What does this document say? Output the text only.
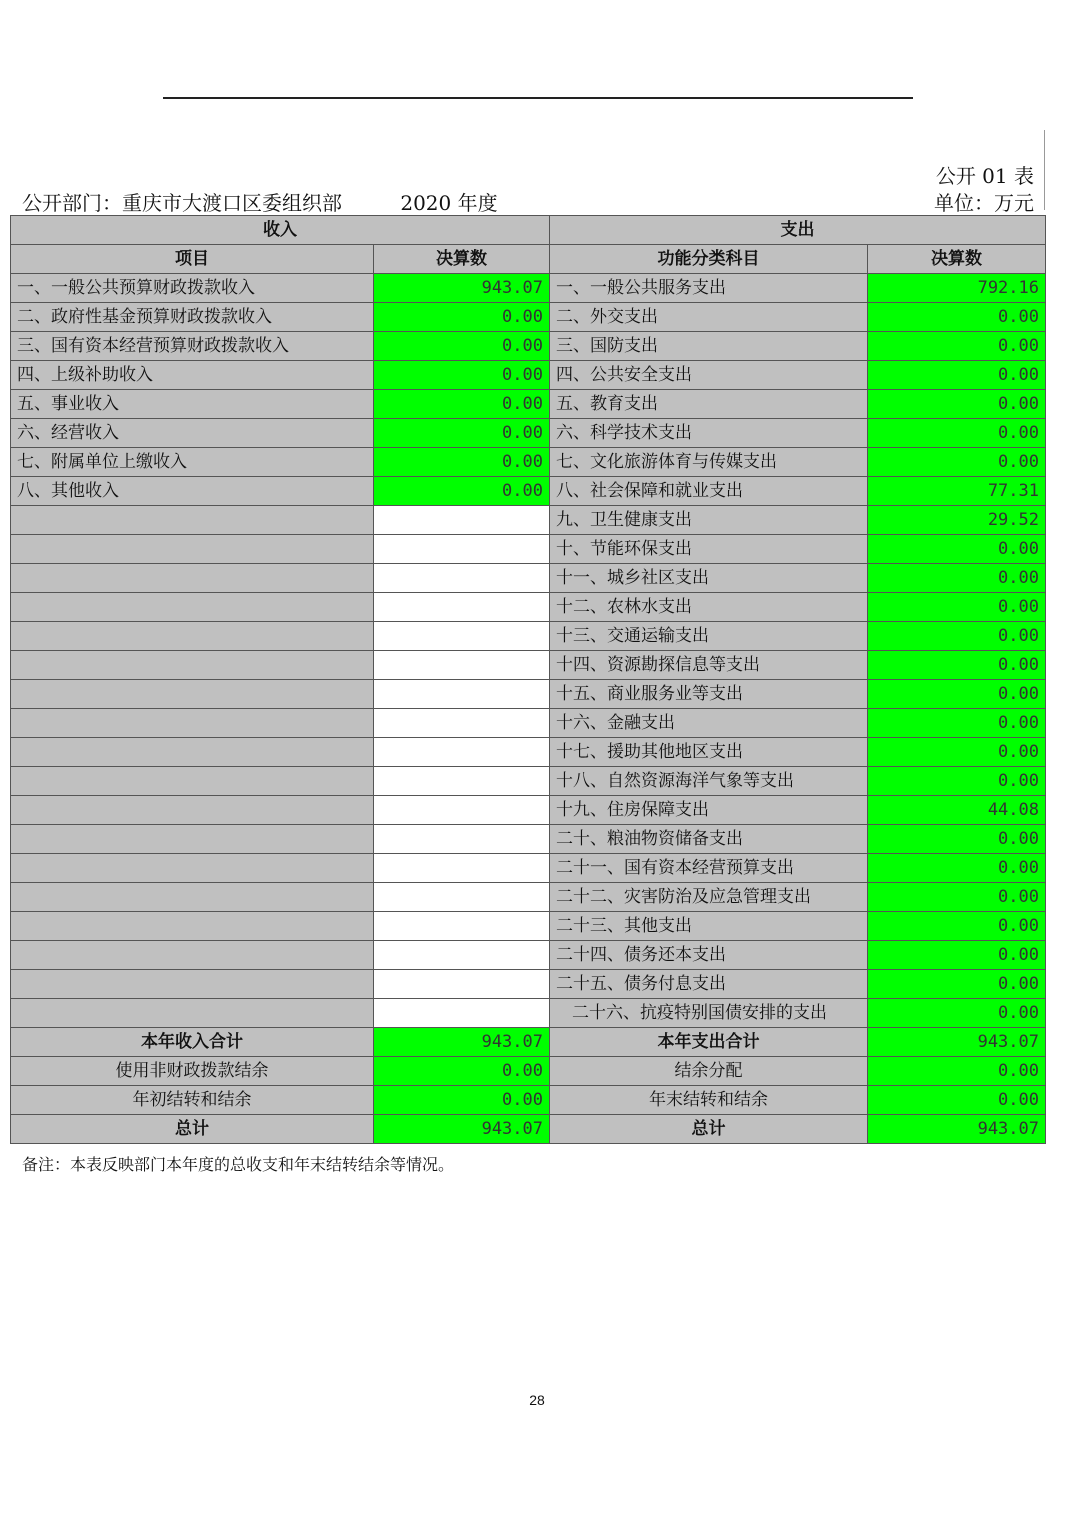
公开 01 表
公开部门：重庆市大渡口区委组织部	2020 年度	单位：万元
收入		支出	
项目	决算数	功能分类科目	决算数
一、一般公共预算财政拨款收入	943.07	一、一般公共服务支出	792.16
二、政府性基金预算财政拨款收入	0.00	二、外交支出	0.00
三、国有资本经营预算财政拨款收入	0.00	三、国防支出	0.00
四、上级补助收入	0.00	四、公共安全支出	0.00
五、事业收入	0.00	五、教育支出	0.00
六、经营收入	0.00	六、科学技术支出	0.00
七、附属单位上缴收入	0.00	七、文化旅游体育与传媒支出	0.00
八、其他收入	0.00	八、社会保障和就业支出	77.31
		九、卫生健康支出	29.52
		十、节能环保支出	0.00
		十一、城乡社区支出	0.00
		十二、农林水支出	0.00
		十三、交通运输支出	0.00
		十四、资源勘探信息等支出	0.00
		十五、商业服务业等支出	0.00
		十六、金融支出	0.00
		十七、援助其他地区支出	0.00
		十八、自然资源海洋气象等支出	0.00
		十九、住房保障支出	44.08
		二十、粮油物资储备支出	0.00
		二十一、国有资本经营预算支出	0.00
		二十二、灾害防治及应急管理支出	0.00
		二十三、其他支出	0.00
		二十四、债务还本支出	0.00
		二十五、债务付息支出	0.00
		二十六、抗疫特别国债安排的支出	0.00
本年收入合计	943.07	本年支出合计	943.07
使用非财政拨款结余	0.00	结余分配	0.00
年初结转和结余	0.00	年末结转和结余	0.00
总计	943.07	总计	943.07
备注：本表反映部门本年度的总收支和年末结转结余等情况。
28
